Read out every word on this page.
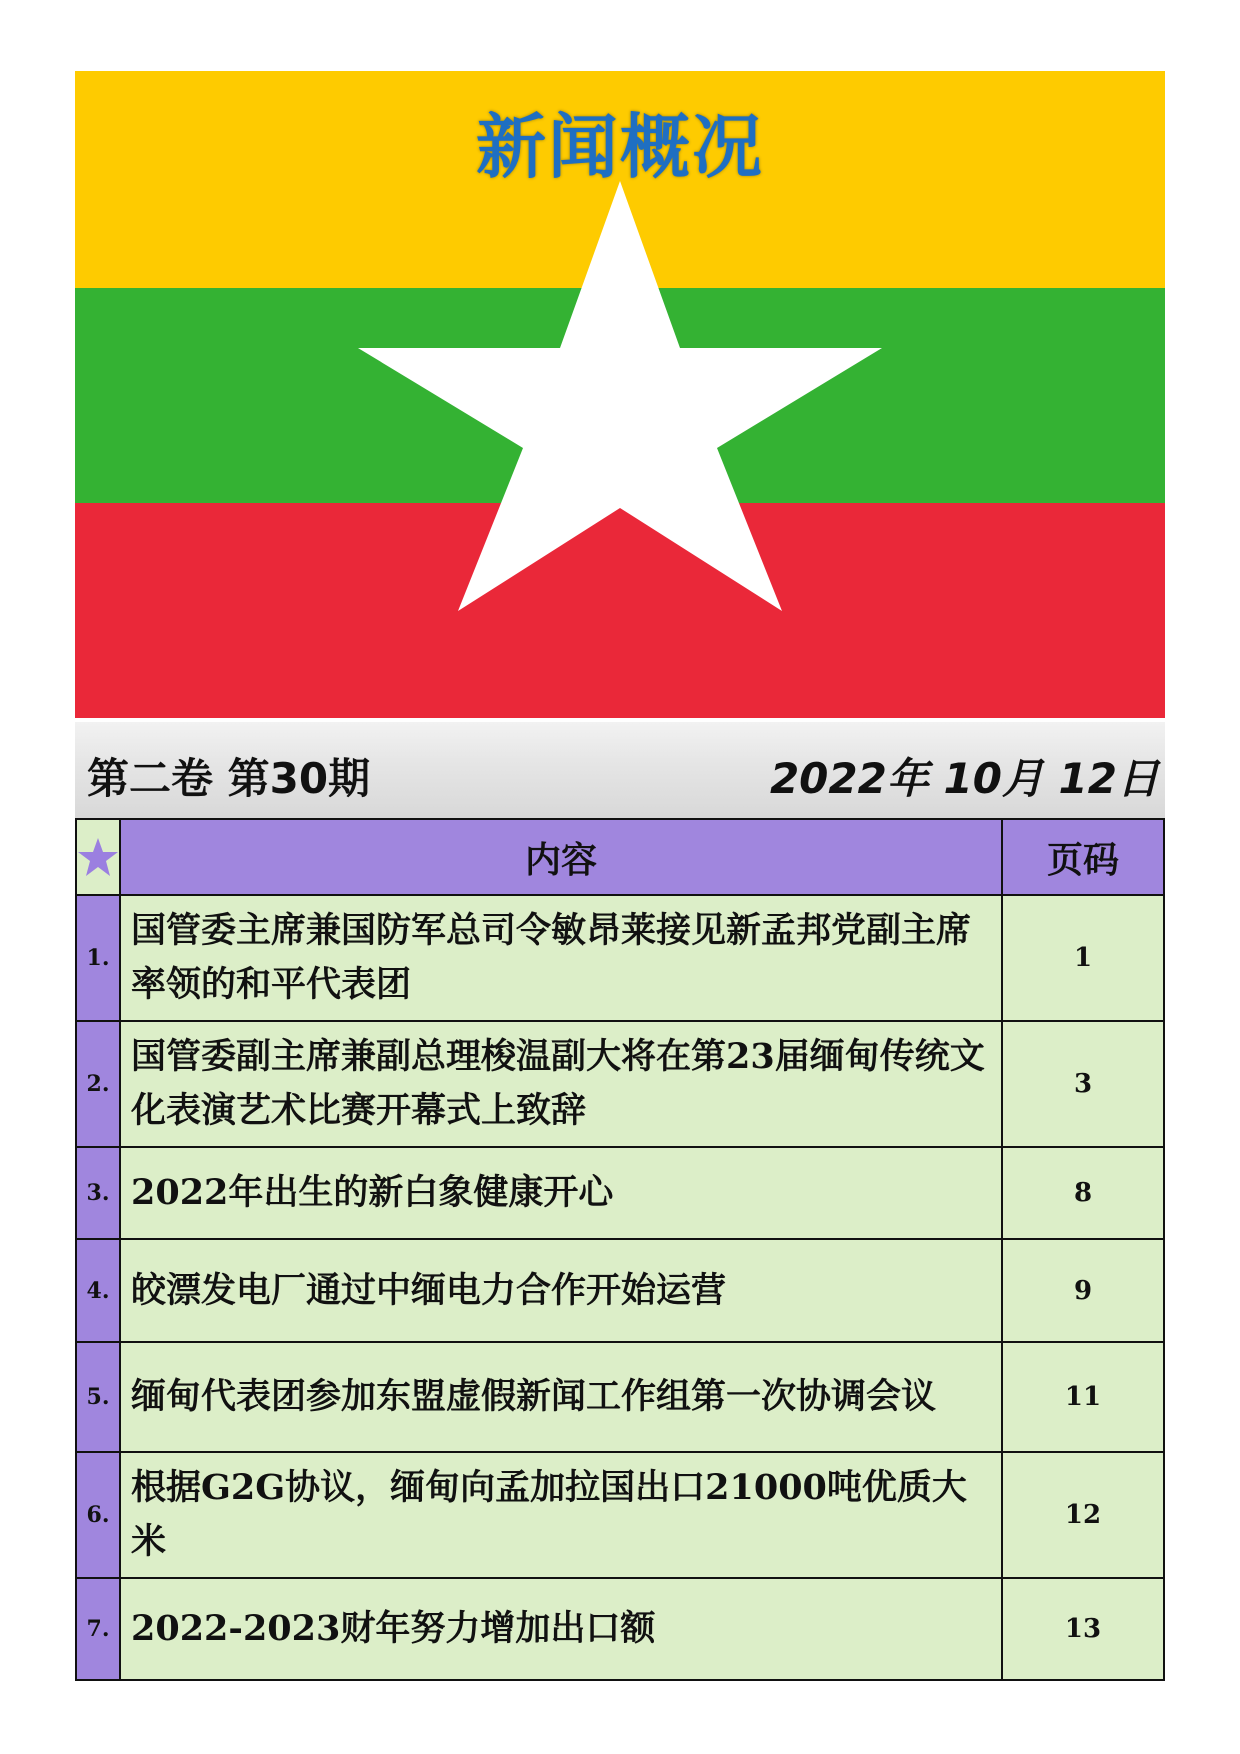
新闻概况
第二卷 第30期	2022年 10月 12日
	内容	页码
1.	国管委主席兼国防军总司令敏昂莱接见新孟邦党副主席率领的和平代表团	1
2.	国管委副主席兼副总理梭温副大将在第23届缅甸传统文化表演艺术比赛开幕式上致辞	3
3.	2022年出生的新白象健康开心	8
4.	皎漂发电厂通过中缅电力合作开始运营	9
5.	缅甸代表团参加东盟虚假新闻工作组第一次协调会议	11
6.	根据G2G协议，缅甸向孟加拉国出口21000吨优质大米	12
7.	2022-2023财年努力增加出口额	13
